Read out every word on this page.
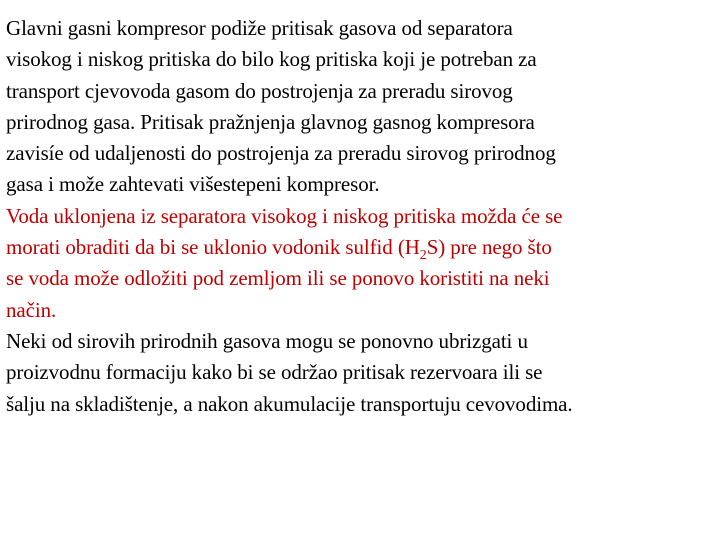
Glavni gasni kompresor podiže pritisak gasova od separatora
visokog i niskog pritiska do bilo kog pritiska koji je potreban za
transport cjevovoda gasom do postrojenja za preradu sirovog
prirodnog gasa. Pritisak pražnjenja glavnog gasnog kompresora
zavisíe od udaljenosti do postrojenja za preradu sirovog prirodnog
gasa i može zahtevati višestepeni kompresor.

Voda uklonjena iz separatora visokog i niskog pritiska možda ćе se
morati obraditi da bi se uklonio vodonik sulfid $(H_2S)$ pre nego što
se voda može odložiti pod zemljom ili se ponovo koristiti na neki
način.

Neki od sirovih prirodnih gasova mogu se ponovno ubrizgati u
proizvodnu formaciju kako bi se održao pritisak rezervoara ili se
šalju na skladištenje, a nakon akumulacije transportuju cevovodima.
